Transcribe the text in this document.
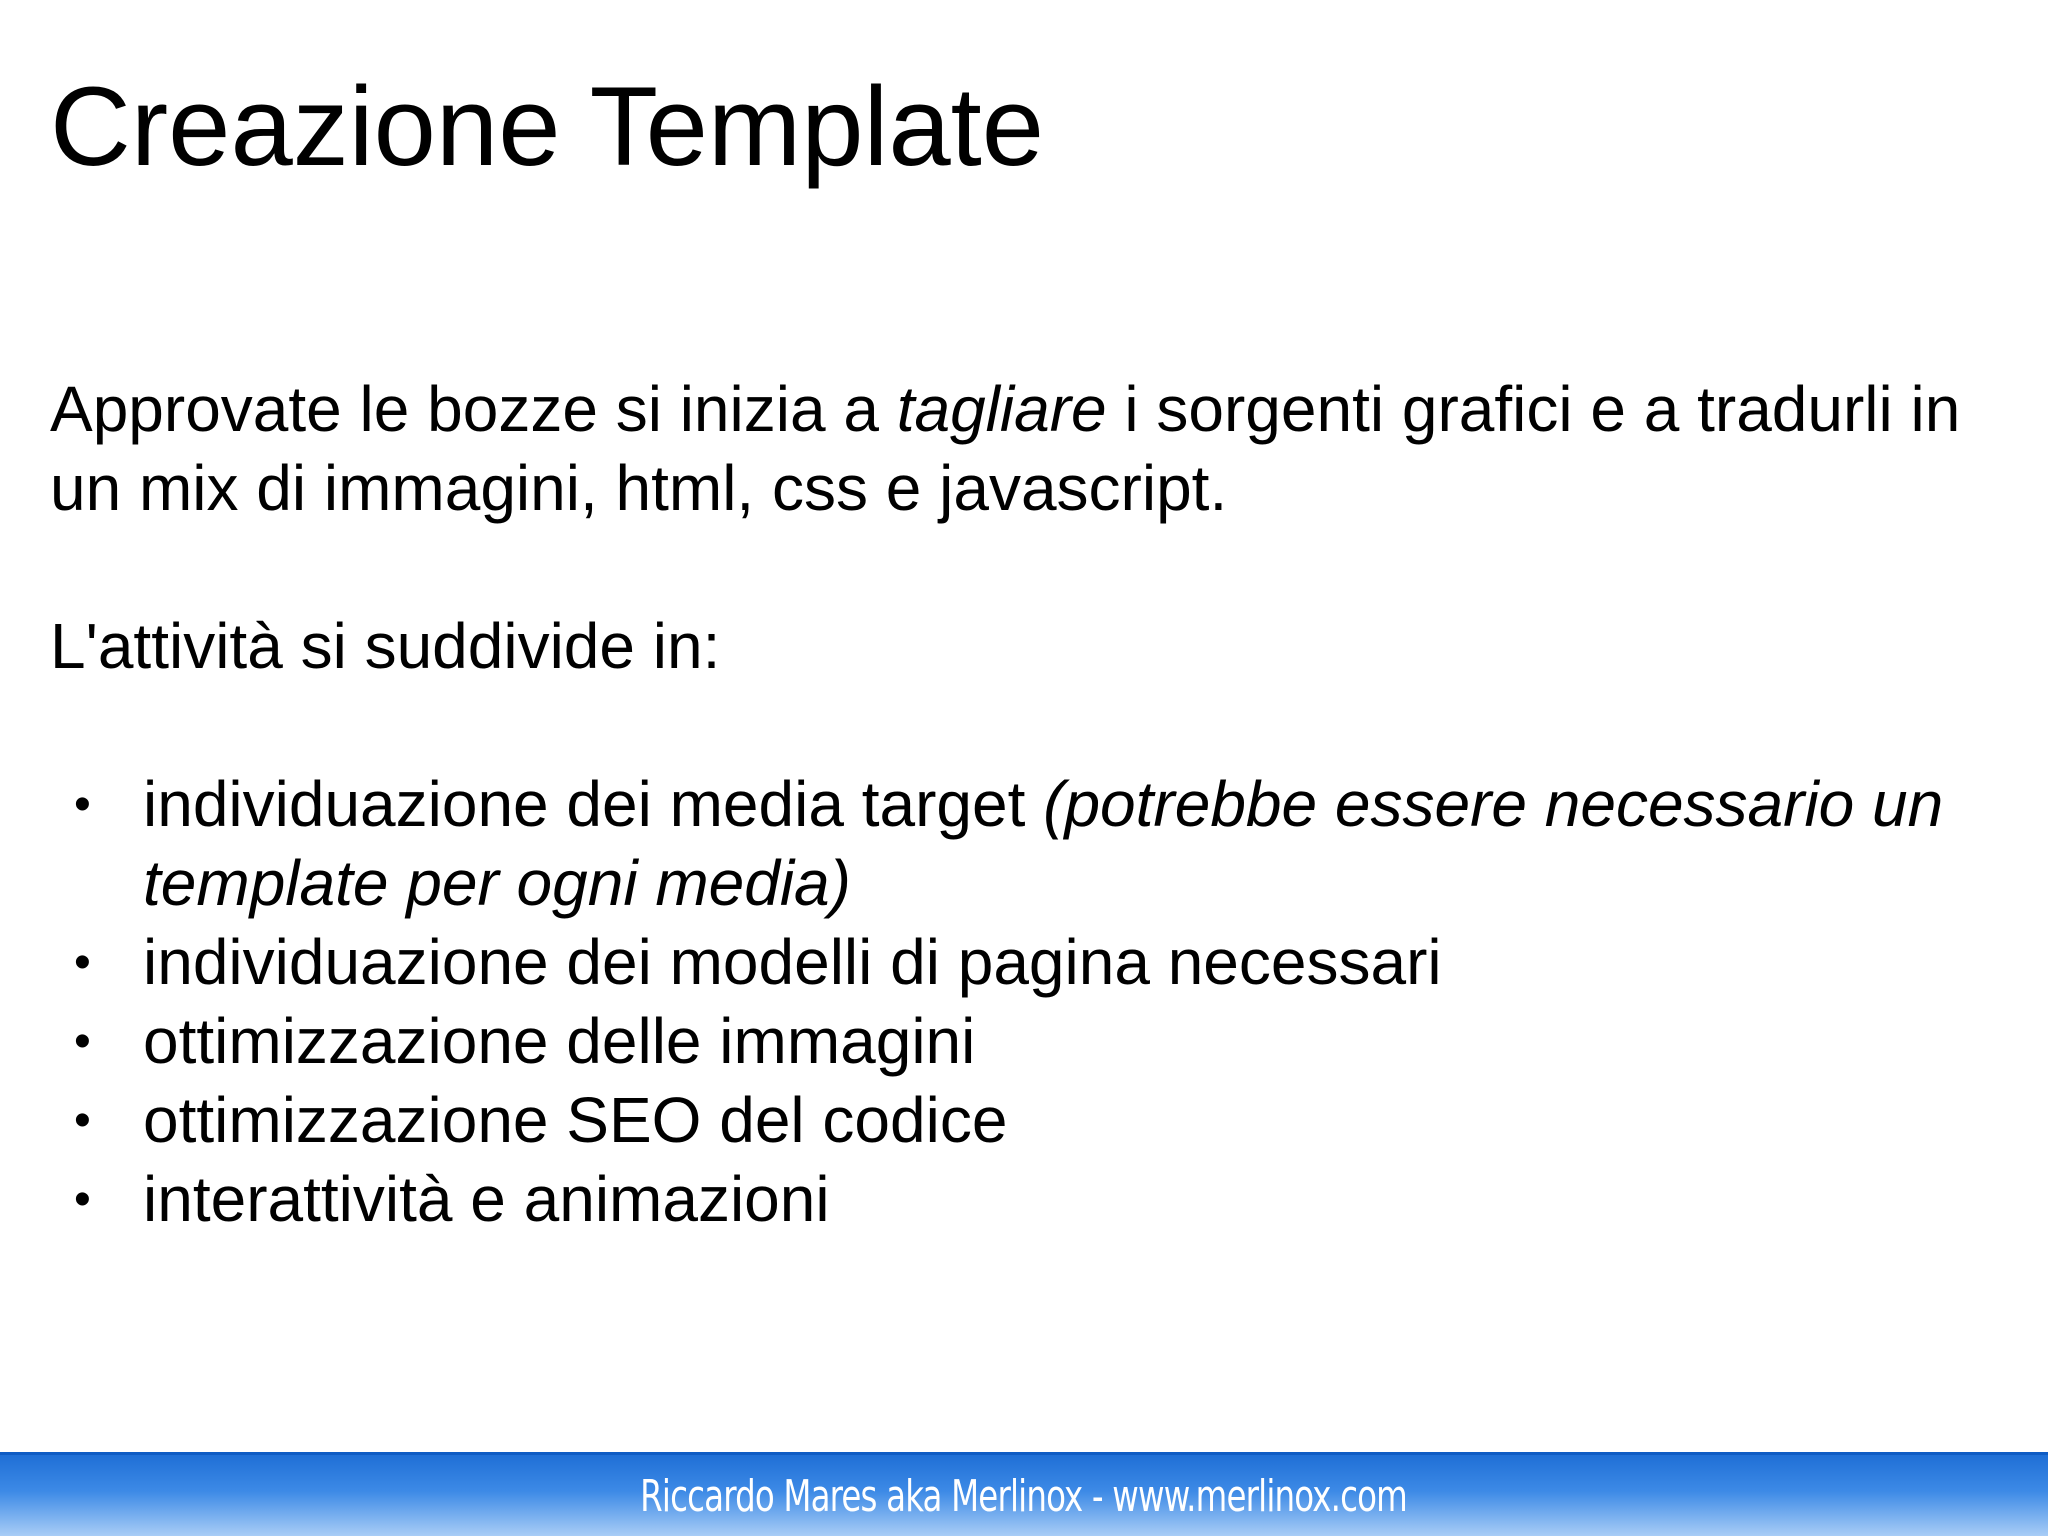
Creazione Template

Approvate le bozze si inizia a tagliare i sorgenti grafici e a tradurli in un mix di immagini, html, css e javascript.

L'attività si suddivide in:

• individuazione dei media target (potrebbe essere necessario un template per ogni media)
• individuazione dei modelli di pagina necessari
• ottimizzazione delle immagini
• ottimizzazione SEO del codice
• interattività e animazioni
Riccardo Mares aka Merlinox - www.merlinox.com
